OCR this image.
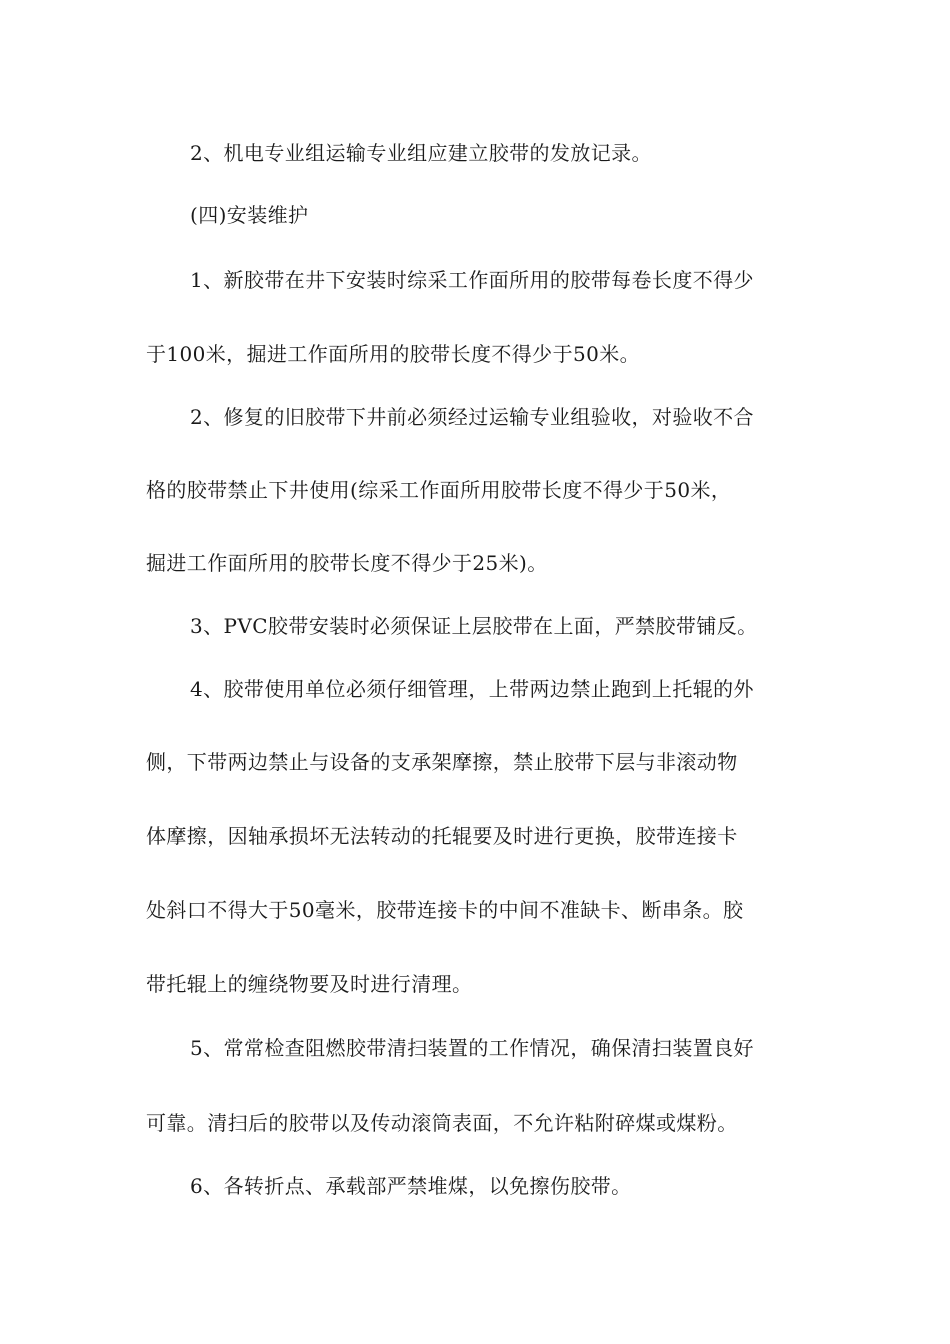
2、机电专业组运输专业组应建立胶带的发放记录。
(四)安装维护
1、新胶带在井下安装时综采工作面所用的胶带每卷长度不得少
于100米，掘进工作面所用的胶带长度不得少于50米。
2、修复的旧胶带下井前必须经过运输专业组验收，对验收不合
格的胶带禁止下井使用(综采工作面所用胶带长度不得少于50米，
掘进工作面所用的胶带长度不得少于25米)。
3、PVC胶带安装时必须保证上层胶带在上面，严禁胶带铺反。
4、胶带使用单位必须仔细管理，上带两边禁止跑到上托辊的外
侧，下带两边禁止与设备的支承架摩擦，禁止胶带下层与非滚动物
体摩擦，因轴承损坏无法转动的托辊要及时进行更换，胶带连接卡
处斜口不得大于50毫米，胶带连接卡的中间不准缺卡、断串条。胶
带托辊上的缠绕物要及时进行清理。
5、常常检查阻燃胶带清扫装置的工作情况，确保清扫装置良好
可靠。清扫后的胶带以及传动滚筒表面，不允许粘附碎煤或煤粉。
6、各转折点、承载部严禁堆煤，以免擦伤胶带。
